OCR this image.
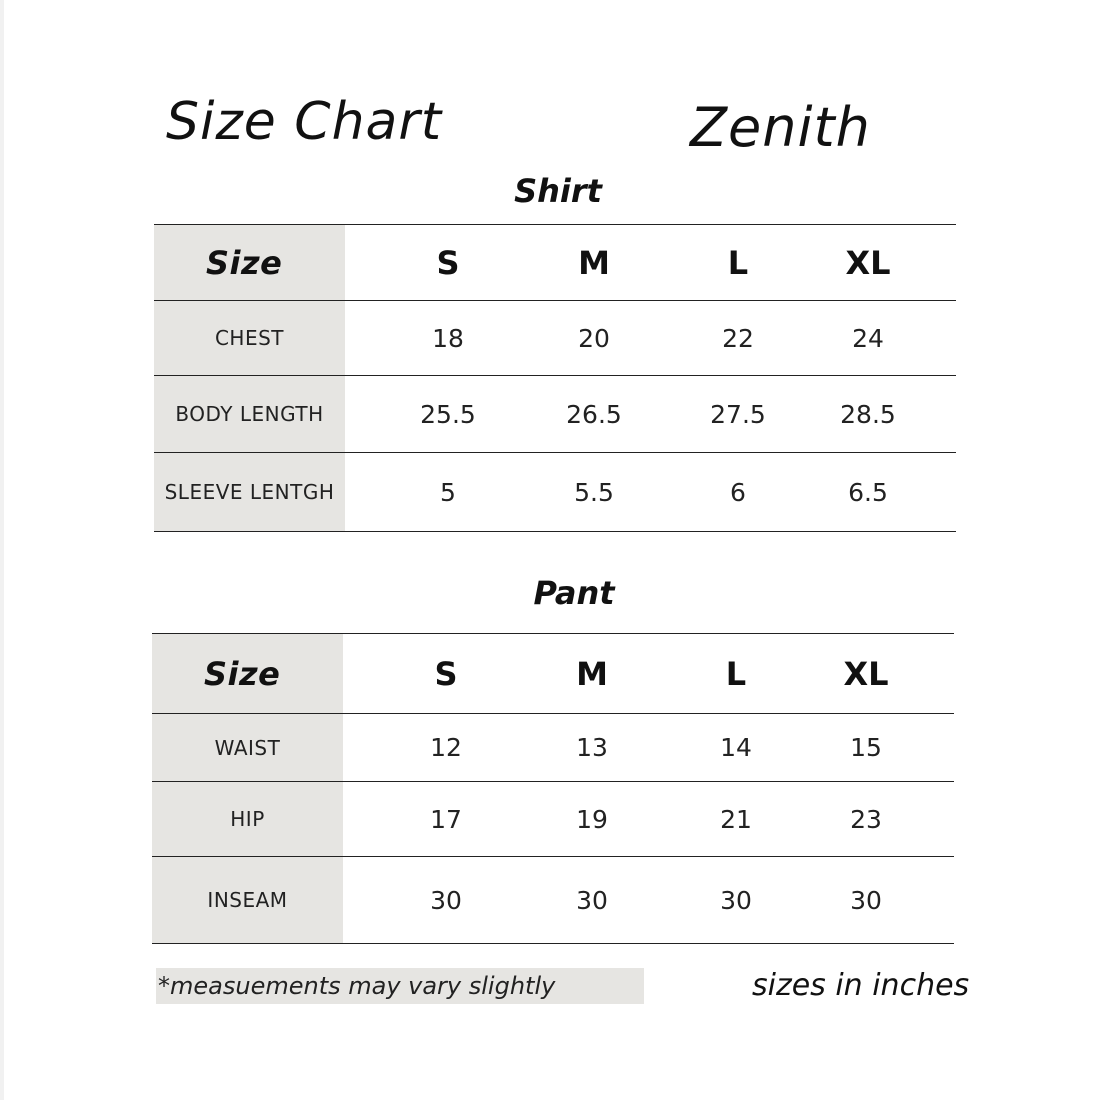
Size Chart	Zenith
Shirt
Size	S	M	L	XL
CHEST	18	20	22	24
BODY LENGTH	25.5	26.5	27.5	28.5
SLEEVE LENTGH	5	5.5	6	6.5
Pant
Size	S	M	L	XL
WAIST	12	13	14	15
HIP	17	19	21	23
INSEAM	30	30	30	30
*measuements may vary slightly	sizes in inches
